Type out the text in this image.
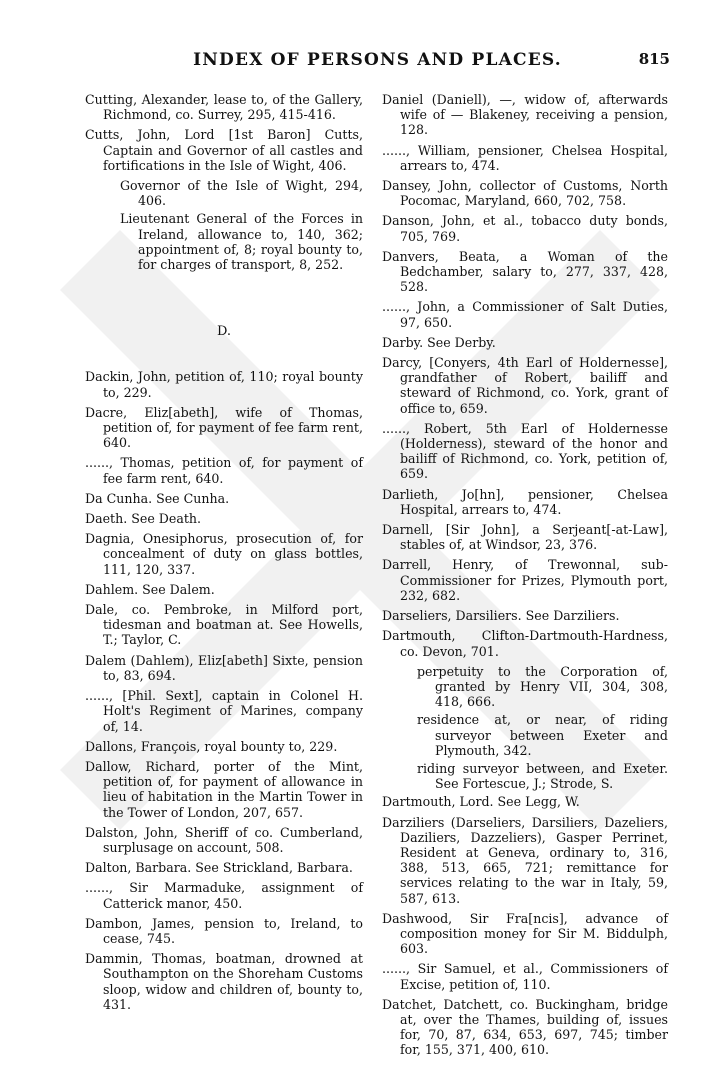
INDEX OF PERSONS AND PLACES.	815
Cutting, Alexander, lease to, of the Gallery, Richmond, co. Surrey, 295, 415-416.
Cutts, John, Lord [1st Baron] Cutts, Captain and Governor of all castles and fortifications in the Isle of Wight, 406.
Governor of the Isle of Wight, 294, 406.
Lieutenant General of the Forces in Ireland, allowance to, 140, 362; appointment of, 8; royal bounty to, for charges of transport, 8, 252.
D.
Dackin, John, petition of, 110; royal bounty to, 229.
Dacre, Eliz[abeth], wife of Thomas, petition of, for payment of fee farm rent, 640.
......, Thomas, petition of, for payment of fee farm rent, 640.
Da Cunha. See Cunha.
Daeth. See Death.
Dagnia, Onesiphorus, prosecution of, for concealment of duty on glass bottles, 111, 120, 337.
Dahlem. See Dalem.
Dale, co. Pembroke, in Milford port, tidesman and boatman at. See Howells, T.; Taylor, C.
Dalem (Dahlem), Eliz[abeth] Sixte, pension to, 83, 694.
......, [Phil. Sext], captain in Colonel H. Holt's Regiment of Marines, company of, 14.
Dallons, François, royal bounty to, 229.
Dallow, Richard, porter of the Mint, petition of, for payment of allowance in lieu of habitation in the Martin Tower in the Tower of London, 207, 657.
Dalston, John, Sheriff of co. Cumberland, surplusage on account, 508.
Dalton, Barbara. See Strickland, Barbara.
......, Sir Marmaduke, assignment of Catterick manor, 450.
Dambon, James, pension to, Ireland, to cease, 745.
Dammin, Thomas, boatman, drowned at Southampton on the Shoreham Customs sloop, widow and children of, bounty to, 431.
Daniel (Daniell), —, widow of, afterwards wife of — Blakeney, receiving a pension, 128.
......, William, pensioner, Chelsea Hospital, arrears to, 474.
Dansey, John, collector of Customs, North Pocomac, Maryland, 660, 702, 758.
Danson, John, et al., tobacco duty bonds, 705, 769.
Danvers, Beata, a Woman of the Bedchamber, salary to, 277, 337, 428, 528.
......, John, a Commissioner of Salt Duties, 97, 650.
Darby. See Derby.
Darcy, [Conyers, 4th Earl of Holdernesse], grandfather of Robert, bailiff and steward of Richmond, co. York, grant of office to, 659.
......, Robert, 5th Earl of Holdernesse (Holderness), steward of the honor and bailiff of Richmond, co. York, petition of, 659.
Darlieth, Jo[hn], pensioner, Chelsea Hospital, arrears to, 474.
Darnell, [Sir John], a Serjeant[-at-Law], stables of, at Windsor, 23, 376.
Darrell, Henry, of Trewonnal, sub-Commissioner for Prizes, Plymouth port, 232, 682.
Darseliers, Darsiliers. See Darziliers.
Dartmouth, Clifton-Dartmouth-Hardness, co. Devon, 701.
perpetuity to the Corporation of, granted by Henry VII, 304, 308, 418, 666.
residence at, or near, of riding surveyor between Exeter and Plymouth, 342.
riding surveyor between, and Exeter. See Fortescue, J.; Strode, S.
Dartmouth, Lord. See Legg, W.
Darziliers (Darseliers, Darsiliers, Dazeliers, Daziliers, Dazzeliers), Gasper Perrinet, Resident at Geneva, ordinary to, 316, 388, 513, 665, 721; remittance for services relating to the war in Italy, 59, 587, 613.
Dashwood, Sir Fra[ncis], advance of composition money for Sir M. Biddulph, 603.
......, Sir Samuel, et al., Commissioners of Excise, petition of, 110.
Datchet, Datchett, co. Buckingham, bridge at, over the Thames, building of, issues for, 70, 87, 634, 653, 697, 745; timber for, 155, 371, 400, 610.
